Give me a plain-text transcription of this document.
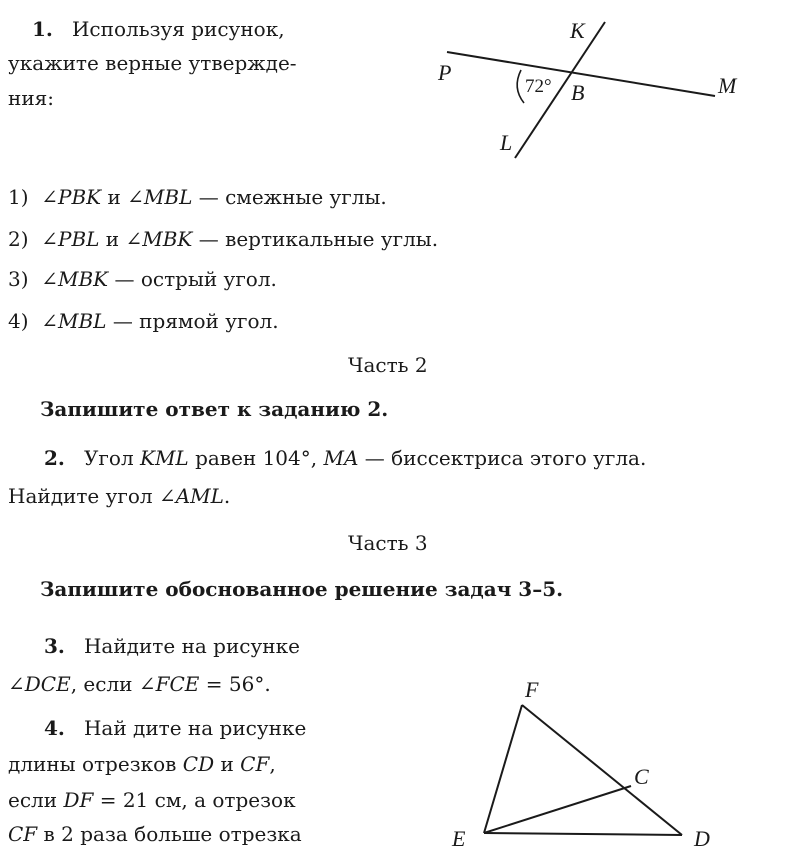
1. Используя рисунок,
укажите верные утвержде-
ния:	72°
K
P
M
L
B
F
C
E	D
1) ∠PBK и ∠MBL — смежные углы.
2) ∠PBL и ∠MBK — вертикальные углы.
3) ∠MBK — острый угол.
4) ∠MBL — прямой угол.
Часть 2
Запишите ответ к заданию 2.
2. Угол KML равен 104°, MA — биссектриса этого угла.
Найдите угол ∠AML.
Часть 3
Запишите обоснованное решение задач 3–5.
3. Найдите на рисунке
∠DCE, если ∠FCE = 56°.
4. Най дите на рисунке
длины отрезков CD и CF,
если DF = 21 см, а отрезок
CF в 2 раза больше отрезка
